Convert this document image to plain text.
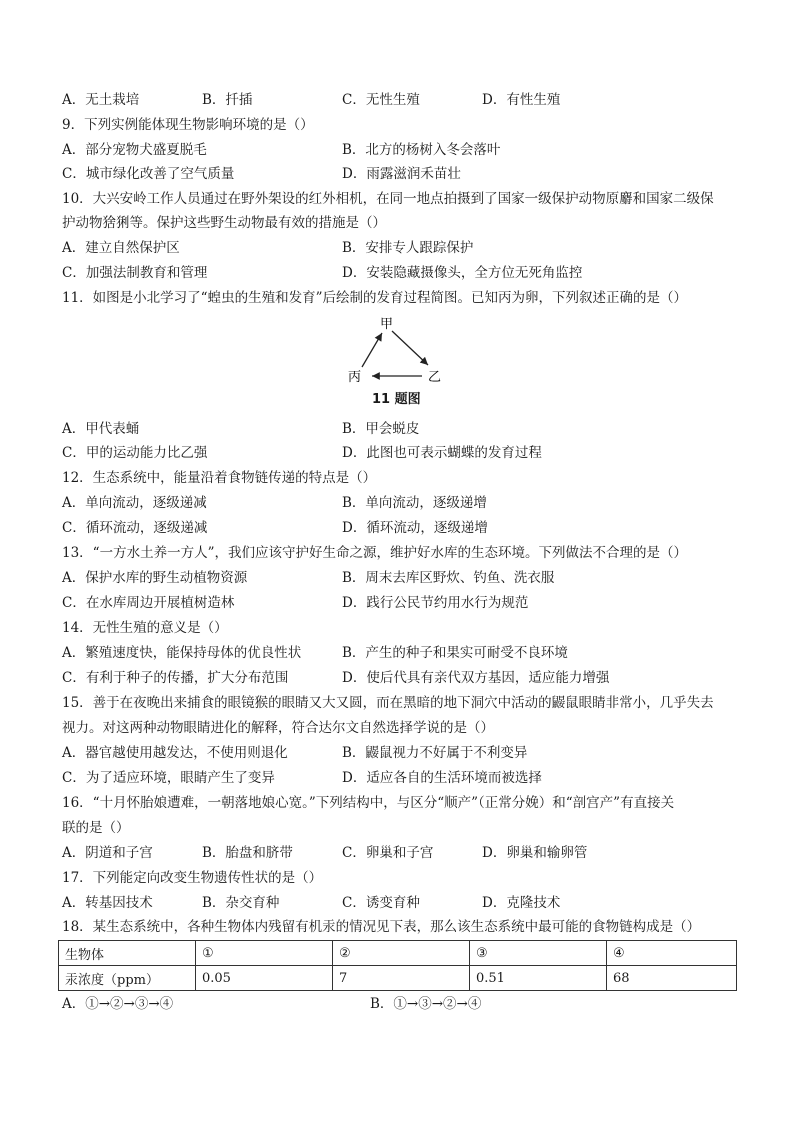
A．无土栽培	B．扦插	C．无性生殖	D．有性生殖
9．下列实例能体现生物影响环境的是（）
A．部分宠物犬盛夏脱毛	B．北方的杨树入冬会落叶
C．城市绿化改善了空气质量	D．雨露滋润禾苗壮
10．大兴安岭工作人员通过在野外架设的红外相机，在同一地点拍摄到了国家一级保护动物原麝和国家二级保
护动物猞猁等。保护这些野生动物最有效的措施是（）
A．建立自然保护区	B．安排专人跟踪保护
C．加强法制教育和管理	D．安装隐藏摄像头，全方位无死角监控
11．如图是小北学习了“蝗虫的生殖和发育”后绘制的发育过程简图。已知丙为卵，下列叙述正确的是（）
甲
乙
丙
11 题图
A．甲代表蛹	B．甲会蜕皮
C．甲的运动能力比乙强	D．此图也可表示蝴蝶的发育过程
12．生态系统中，能量沿着食物链传递的特点是（）
A．单向流动，逐级递减	B．单向流动，逐级递增
C．循环流动，逐级递减	D．循环流动，逐级递增
13．“一方水土养一方人”，我们应该守护好生命之源，维护好水库的生态环境。下列做法不合理的是（）
A．保护水库的野生动植物资源	B．周末去库区野炊、钓鱼、洗衣服
C．在水库周边开展植树造林	D．践行公民节约用水行为规范
14．无性生殖的意义是（）
A．繁殖速度快，能保持母体的优良性状	B．产生的种子和果实可耐受不良环境
C．有利于种子的传播，扩大分布范围	D．使后代具有亲代双方基因，适应能力增强
15．善于在夜晚出来捕食的眼镜猴的眼睛又大又圆，而在黑暗的地下洞穴中活动的鼹鼠眼睛非常小，几乎失去
视力。对这两种动物眼睛进化的解释，符合达尔文自然选择学说的是（）
A．器官越使用越发达，不使用则退化	B．鼹鼠视力不好属于不利变异
C．为了适应环境，眼睛产生了变异	D．适应各自的生活环境而被选择
16．“十月怀胎娘遭难，一朝落地娘心宽。”下列结构中，与区分“顺产”（正常分娩）和“剖宫产”有直接关
联的是（）
A．阴道和子宫	B．胎盘和脐带	C．卵巢和子宫	D．卵巢和输卵管
17．下列能定向改变生物遗传性状的是（）
A．转基因技术	B．杂交育种	C．诱变育种	D．克隆技术
18．某生态系统中，各种生物体内残留有机汞的情况见下表，那么该生态系统中最可能的食物链构成是（）
生物体	①	②	③	④
汞浓度（ppm）	0.05	7	0.51	68
A．①→②→③→④	B．①→③→②→④
